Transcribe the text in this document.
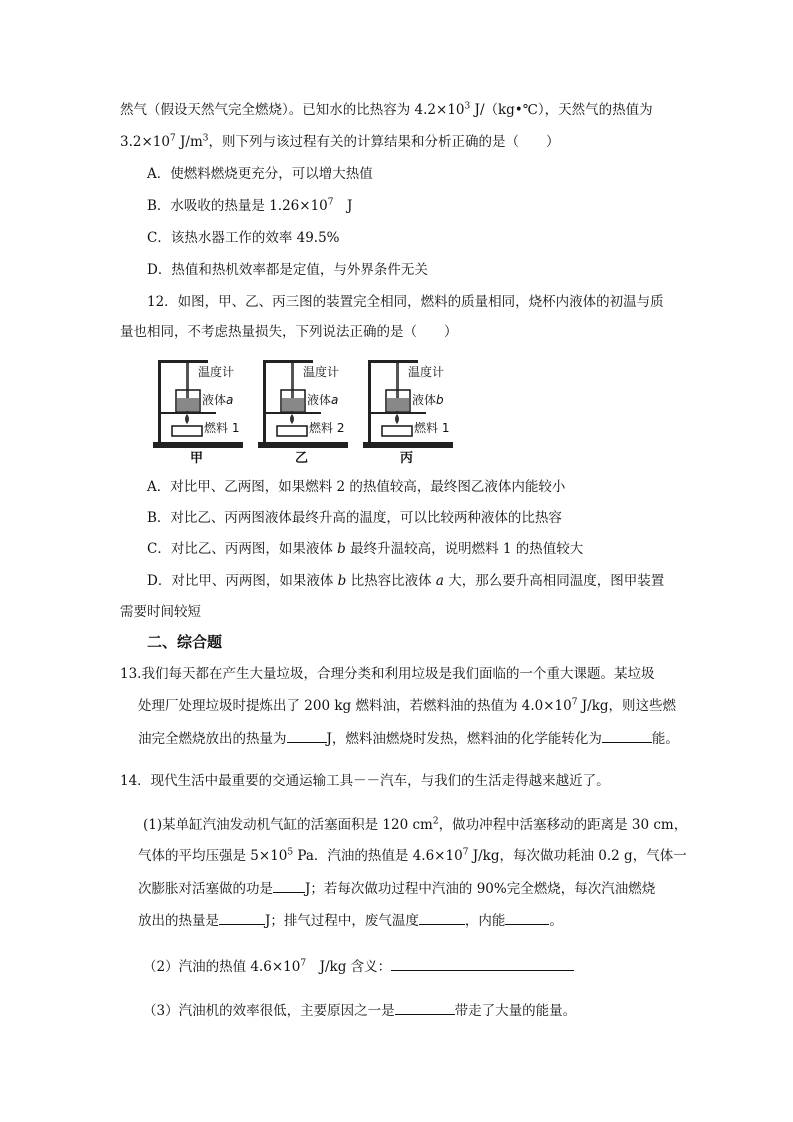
然气（假设天然气完全燃烧）。已知水的比热容为 $4.2\times 10^3$ J/（kg•℃），天然气的热值为
$3.2\times 10^7$ $J/m^3$，则下列与该过程有关的计算结果和分析正确的是（　　）
A．使燃料燃烧更充分，可以增大热值
B．水吸收的热量是 $1.26\times 10^7$　J
C．该热水器工作的效率 49.5%
D．热值和热机效率都是定值，与外界条件无关
12．如图，甲、乙、丙三图的装置完全相同，燃料的质量相同，烧杯内液体的初温与质
量也相同，不考虑热量损失，下列说法正确的是（　　）
温度计
液体a
燃料 1
甲
温度计
液体a
燃料 2
乙
温度计
液体b
燃料 1
丙
A．对比甲、乙两图，如果燃料 2 的热值较高，最终图乙液体内能较小
B．对比乙、丙两图液体最终升高的温度，可以比较两种液体的比热容
C．对比乙、丙两图，如果液体 b 最终升温较高，说明燃料 1 的热值较大
D．对比甲、丙两图，如果液体 b 比热容比液体 a 大，那么要升高相同温度，图甲装置
需要时间较短
二、综合题
13.我们每天都在产生大量垃圾，合理分类和利用垃圾是我们面临的一个重大课题。某垃圾
处理厂处理垃圾时提炼出了 200 kg 燃料油，若燃料油的热值为 $4.0\times 10^7$ J/kg，则这些燃
油完全燃烧放出的热量为	J，燃料油燃烧时发热，燃料油的化学能转化为	能。
14．现代生活中最重要的交通运输工具－－汽车，与我们的生活走得越来越近了。
(1)某单缸汽油发动机气缸的活塞面积是 120 $cm^2$，做功冲程中活塞移动的距离是 30 cm，
气体的平均压强是 $5\times 10^5$ Pa．汽油的热值是 $4.6\times 10^7$ J/kg，每次做功耗油 0.2 g，气体一
次膨胀对活塞做的功是 J；若每次做功过程中汽油的 90%完全燃烧，每次汽油燃烧
放出的热量是	J；排气过程中，废气温度	，内能	。
（2）汽油的热值 $4.6\times 10^7$　J/kg 含义：
（3）汽油机的效率很低，主要原因之一是	带走了大量的能量。
